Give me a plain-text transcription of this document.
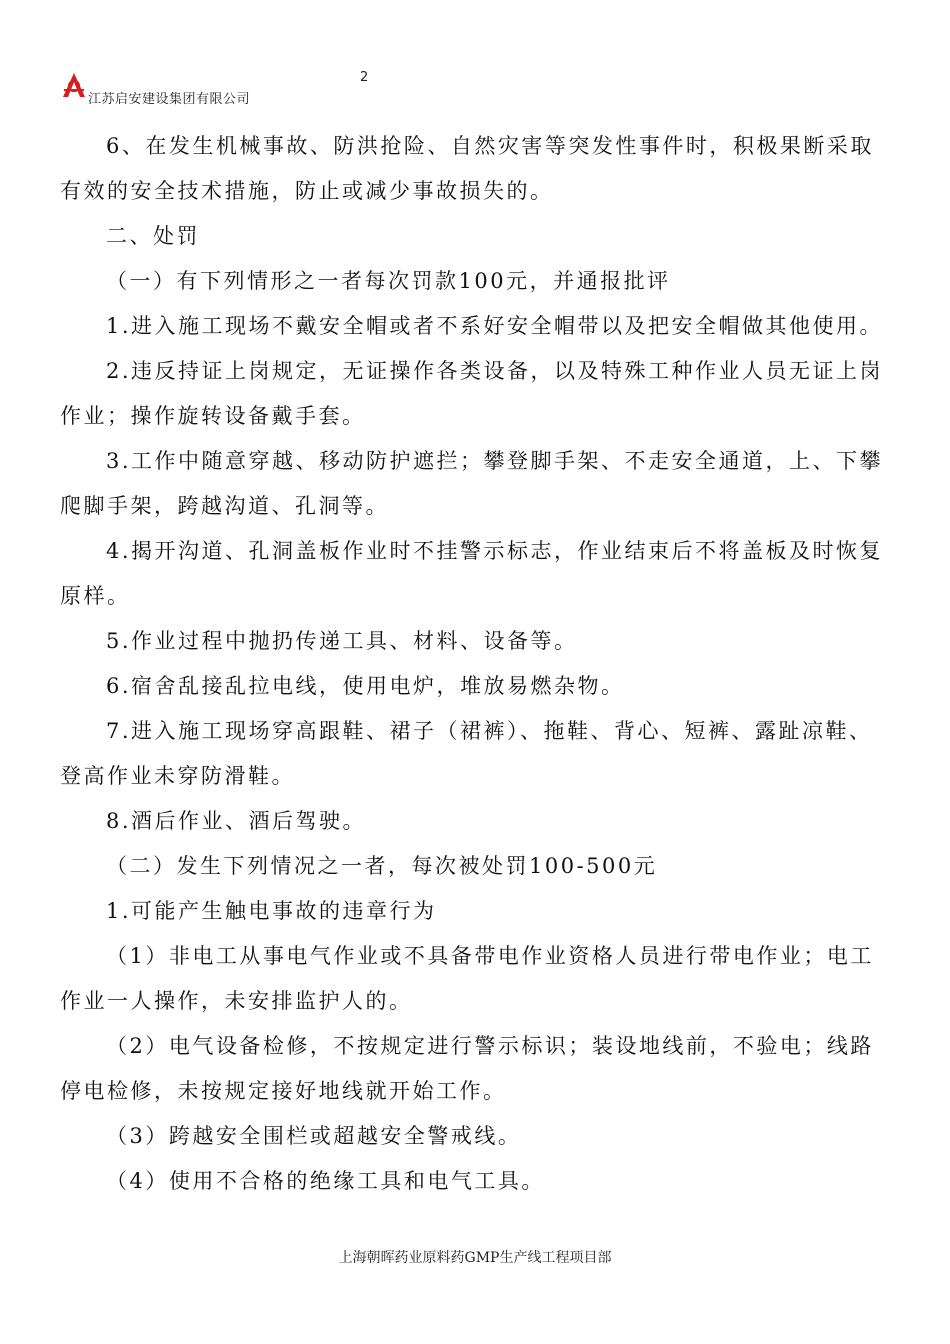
江苏启安建设集团有限公司
2

6、在发生机械事故、防洪抢险、自然灾害等突发性事件时，积极果断采取有效的安全技术措施，防止或减少事故损失的。

二、处罚

（一）有下列情形之一者每次罚款100元，并通报批评

1.进入施工现场不戴安全帽或者不系好安全帽带以及把安全帽做其他使用。

2.违反持证上岗规定，无证操作各类设备，以及特殊工种作业人员无证上岗作业；操作旋转设备戴手套。

3.工作中随意穿越、移动防护遮拦；攀登脚手架、不走安全通道，上、下攀爬脚手架，跨越沟道、孔洞等。

4.揭开沟道、孔洞盖板作业时不挂警示标志，作业结束后不将盖板及时恢复原样。

5.作业过程中抛扔传递工具、材料、设备等。

6.宿舍乱接乱拉电线，使用电炉，堆放易燃杂物。

7.进入施工现场穿高跟鞋、裙子（裙裤）、拖鞋、背心、短裤、露趾凉鞋、登高作业未穿防滑鞋。

8.酒后作业、酒后驾驶。

（二）发生下列情况之一者，每次被处罚100-500元

1.可能产生触电事故的违章行为

（1）非电工从事电气作业或不具备带电作业资格人员进行带电作业；电工作业一人操作，未安排监护人的。

（2）电气设备检修，不按规定进行警示标识；装设地线前，不验电；线路停电检修，未按规定接好地线就开始工作。

（3）跨越安全围栏或超越安全警戒线。

（4）使用不合格的绝缘工具和电气工具。

上海朝晖药业原料药GMP生产线工程项目部
